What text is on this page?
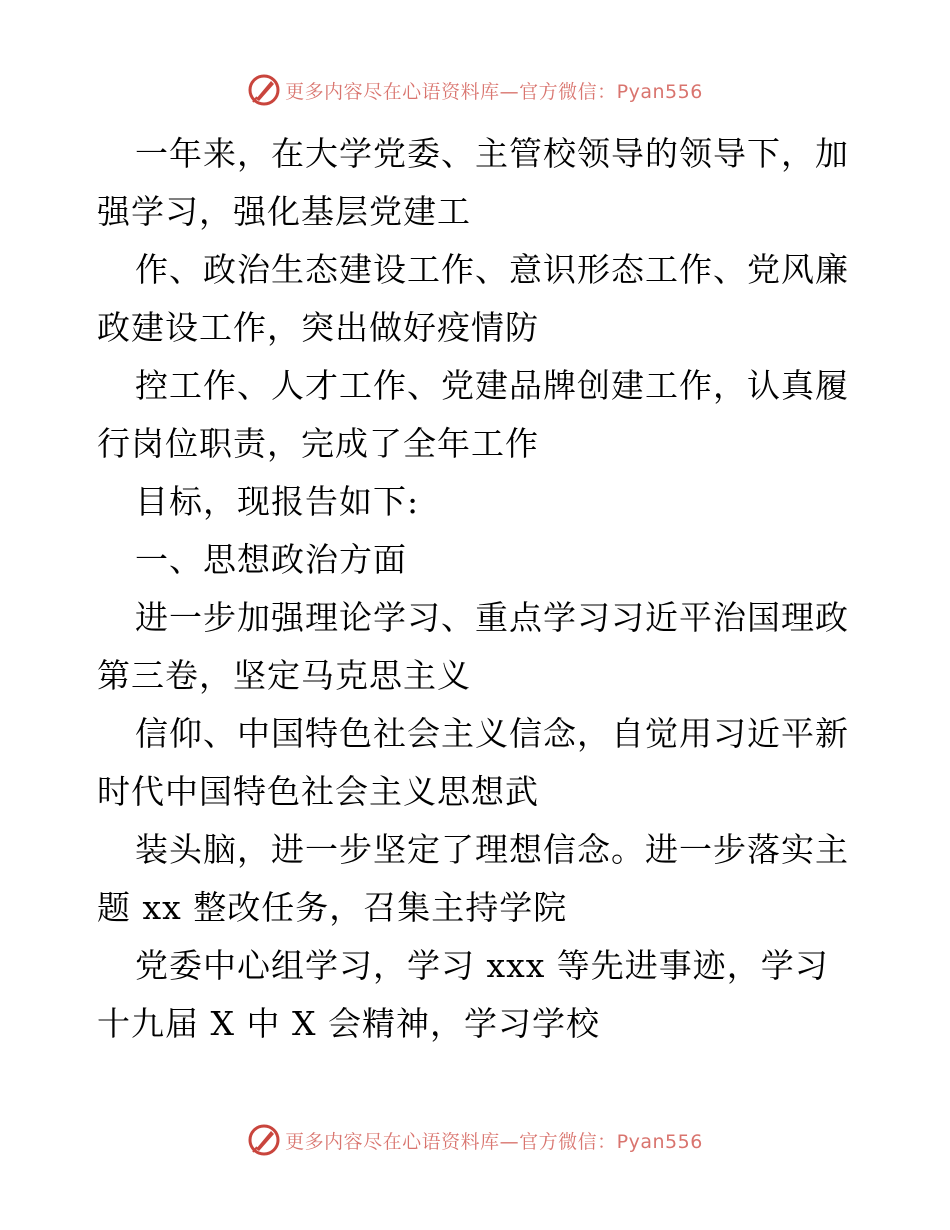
更多内容尽在心语资料库—官方微信：Pyan556
一年来，在大学党委、主管校领导的领导下，加
强学习，强化基层党建工
作、政治生态建设工作、意识形态工作、党风廉
政建设工作，突出做好疫情防
控工作、人才工作、党建品牌创建工作，认真履
行岗位职责，完成了全年工作
目标，现报告如下:
一、思想政治方面
进一步加强理论学习、重点学习习近平治国理政
第三卷，坚定马克思主义
信仰、中国特色社会主义信念，自觉用习近平新
时代中国特色社会主义思想武
装头脑，进一步坚定了理想信念。进一步落实主
题 xx 整改任务，召集主持学院
党委中心组学习，学习 xxx 等先进事迹，学习
十九届 X 中 X 会精神，学习学校
更多内容尽在心语资料库—官方微信：Pyan556
